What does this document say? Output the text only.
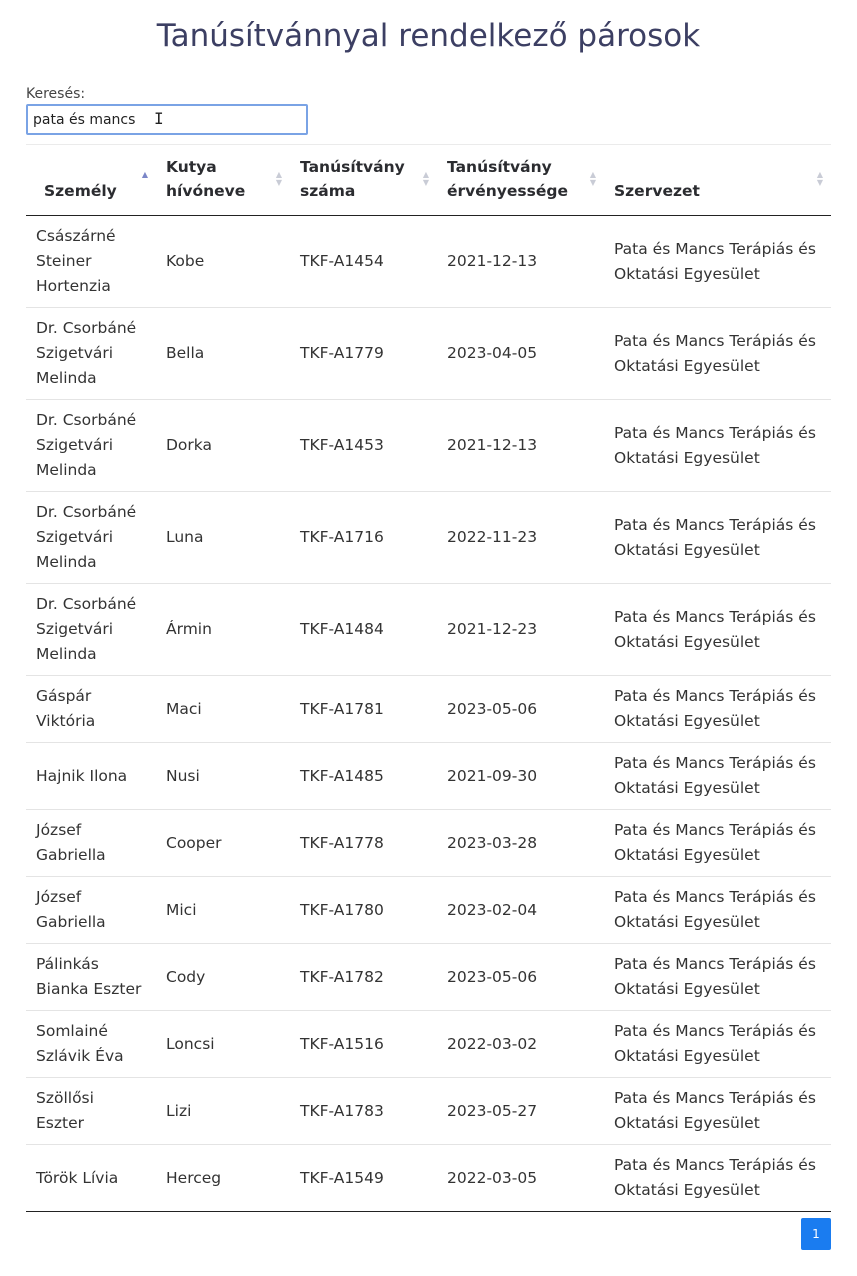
Tanúsítvánnyal rendelkező párosok
Keresés:
pata és mancs
I
Személy
▲	Kutya hívóneve
▲
▼	Tanúsítvány száma
▲
▼	Tanúsítvány érvényessége
▲
▼	Szervezet
▲
▼

Császárné Steiner Hortenzia	Kobe	TKF-A1454	2021-12-13	Pata és Mancs Terápiás és Oktatási Egyesület
Dr. Csorbáné Szigetvári Melinda	Bella	TKF-A1779	2023-04-05	Pata és Mancs Terápiás és Oktatási Egyesület
Dr. Csorbáné Szigetvári Melinda	Dorka	TKF-A1453	2021-12-13	Pata és Mancs Terápiás és Oktatási Egyesület
Dr. Csorbáné Szigetvári Melinda	Luna	TKF-A1716	2022-11-23	Pata és Mancs Terápiás és Oktatási Egyesület
Dr. Csorbáné Szigetvári Melinda	Ármin	TKF-A1484	2021-12-23	Pata és Mancs Terápiás és Oktatási Egyesület
Gáspár Viktória	Maci	TKF-A1781	2023-05-06	Pata és Mancs Terápiás és Oktatási Egyesület
Hajnik Ilona	Nusi	TKF-A1485	2021-09-30	Pata és Mancs Terápiás és Oktatási Egyesület
József Gabriella	Cooper	TKF-A1778	2023-03-28	Pata és Mancs Terápiás és Oktatási Egyesület
József Gabriella	Mici	TKF-A1780	2023-02-04	Pata és Mancs Terápiás és Oktatási Egyesület
Pálinkás Bianka Eszter	Cody	TKF-A1782	2023-05-06	Pata és Mancs Terápiás és Oktatási Egyesület
Somlainé Szlávik Éva	Loncsi	TKF-A1516	2022-03-02	Pata és Mancs Terápiás és Oktatási Egyesület
Szöllősi Eszter	Lizi	TKF-A1783	2023-05-27	Pata és Mancs Terápiás és Oktatási Egyesület
Török Lívia	Herceg	TKF-A1549	2022-03-05	Pata és Mancs Terápiás és Oktatási Egyesület
1
